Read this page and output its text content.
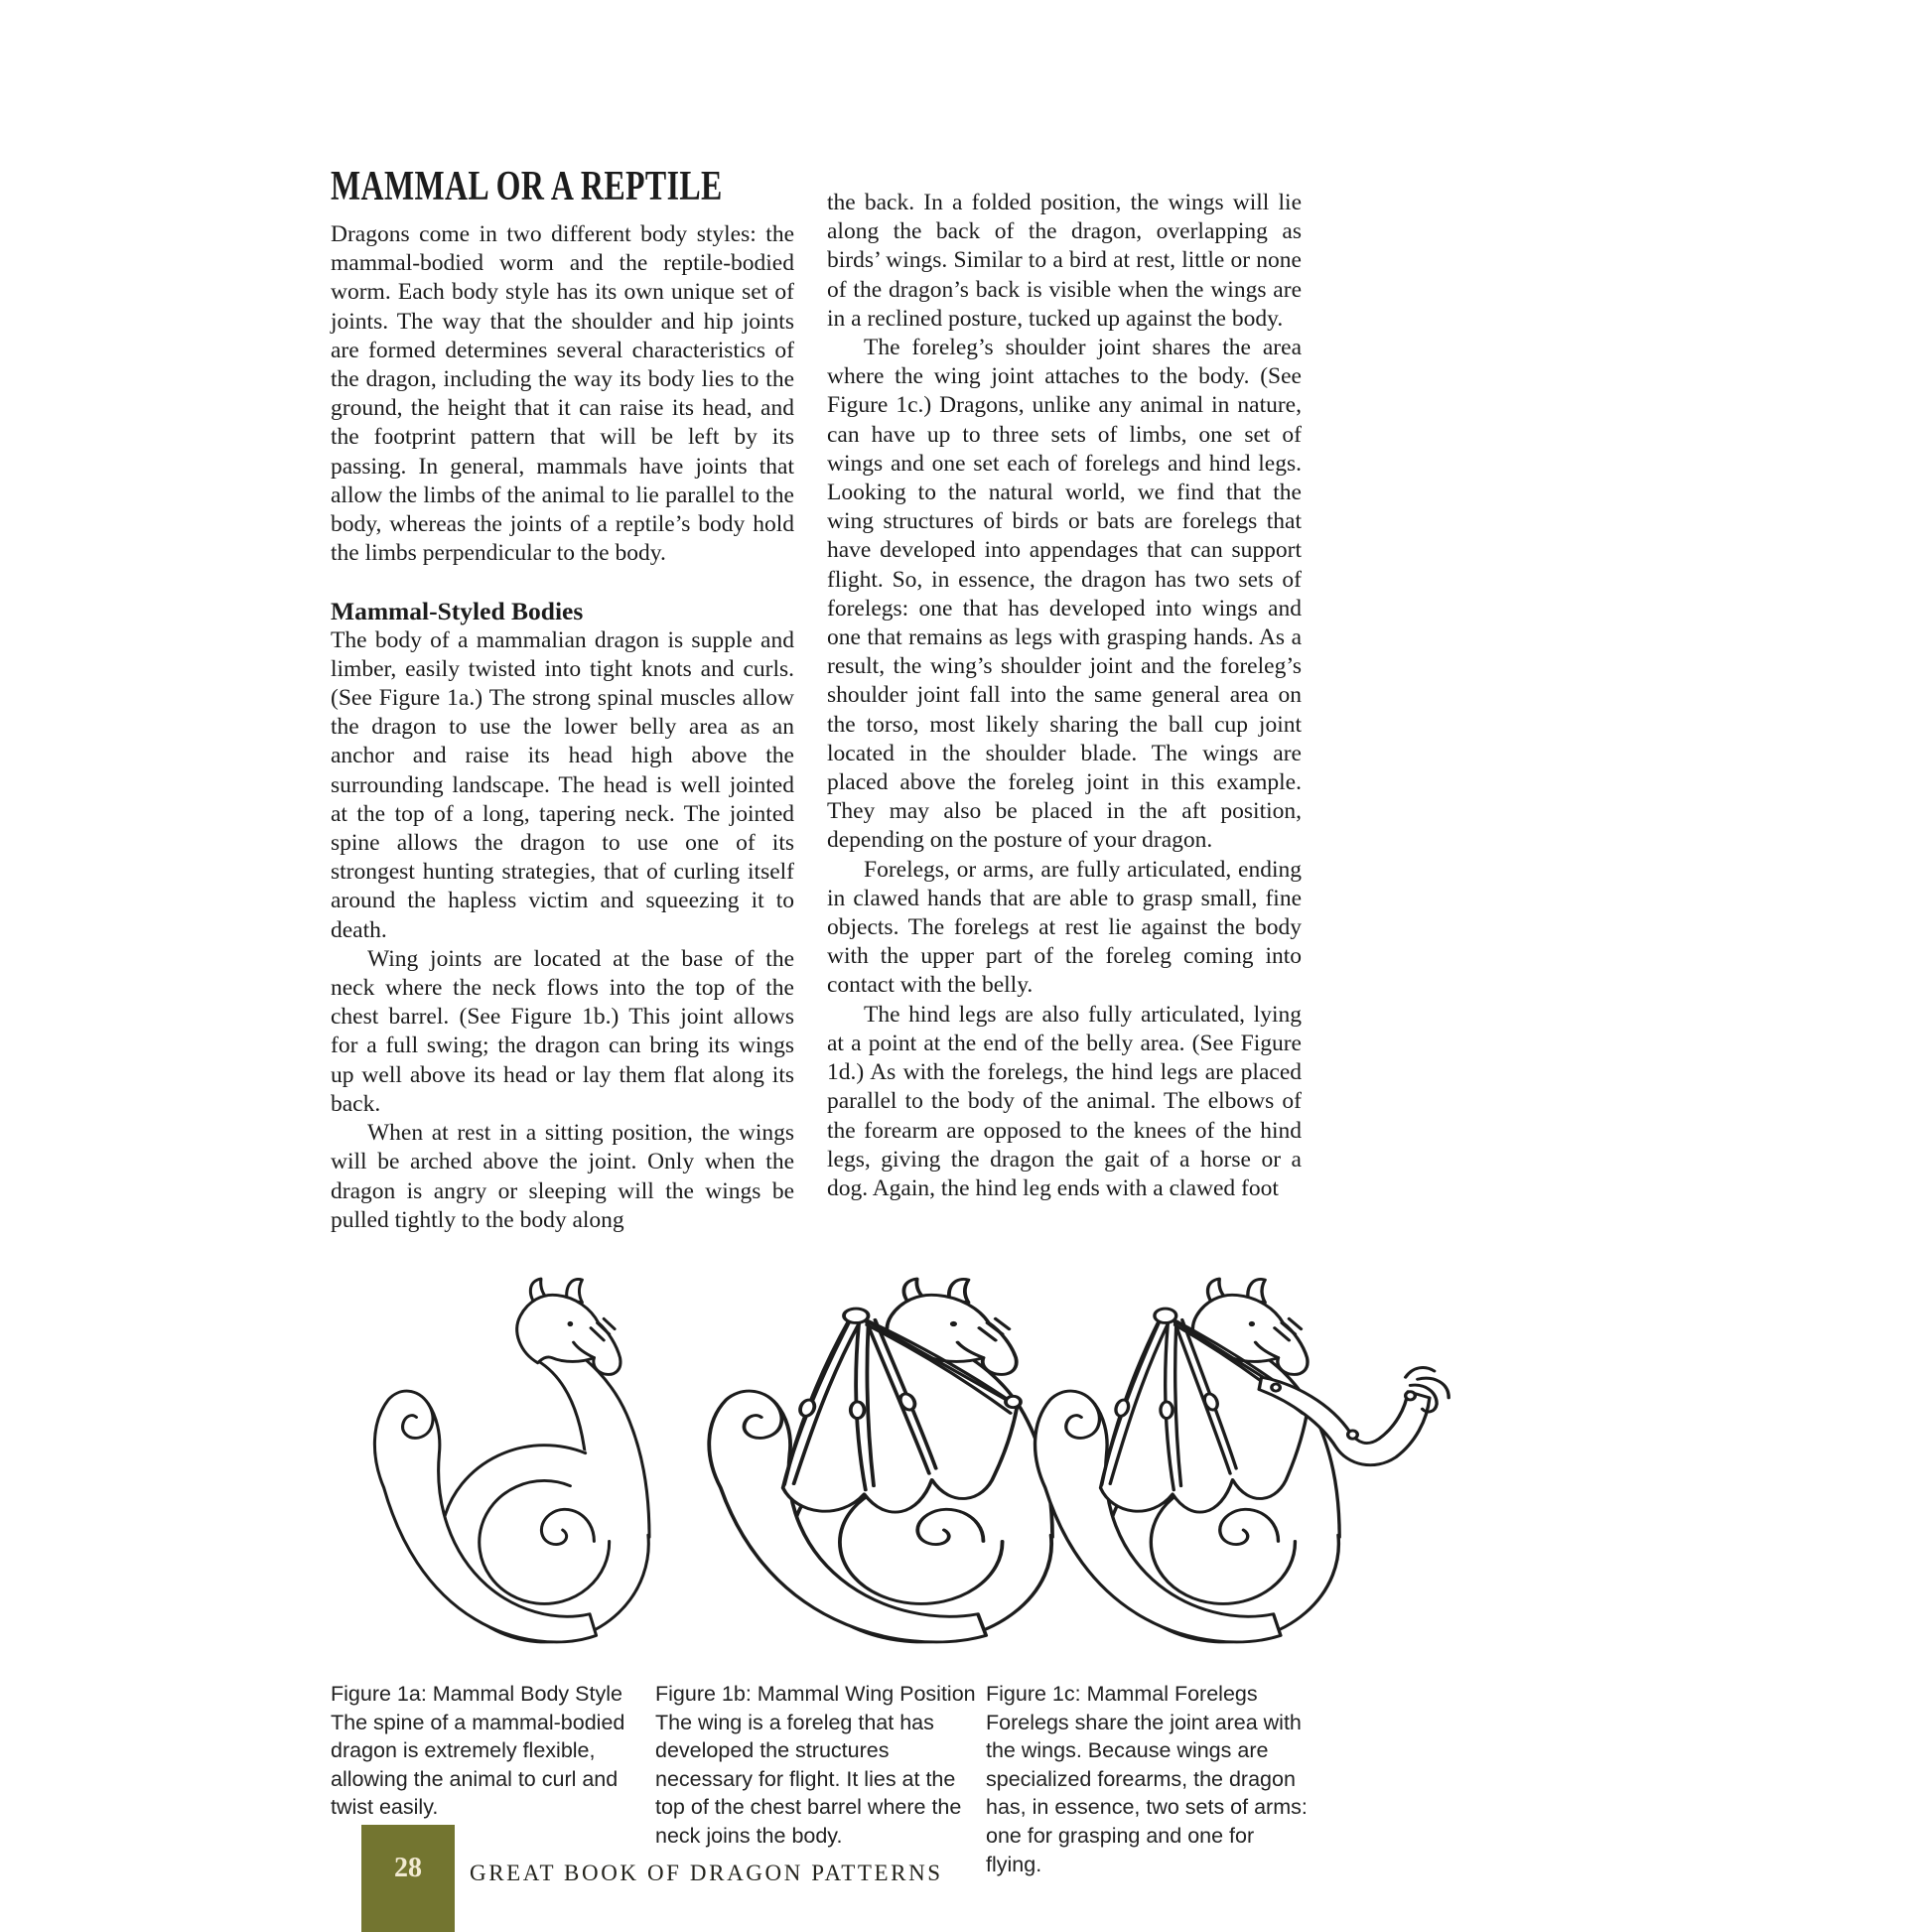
MAMMAL OR A REPTILE

Dragons come in two different body styles: the mammal-bodied worm and the reptile-bodied worm. Each body style has its own unique set of joints. The way that the shoulder and hip joints are formed determines several characteristics of the dragon, including the way its body lies to the ground, the height that it can raise its head, and the footprint pattern that will be left by its passing. In general, mammals have joints that allow the limbs of the animal to lie parallel to the body, whereas the joints of a reptile’s body hold the limbs perpendicular to the body.

Mammal-Styled Bodies

The body of a mammalian dragon is supple and limber, easily twisted into tight knots and curls. (See Figure 1a.) The strong spinal muscles allow the dragon to use the lower belly area as an anchor and raise its head high above the surrounding landscape. The head is well jointed at the top of a long, tapering neck. The jointed spine allows the dragon to use one of its strongest hunting strategies, that of curling itself around the hapless victim and squeezing it to death.

Wing joints are located at the base of the neck where the neck flows into the top of the chest barrel. (See Figure 1b.) This joint allows for a full swing; the dragon can bring its wings up well above its head or lay them flat along its back.

When at rest in a sitting position, the wings will be arched above the joint. Only when the dragon is angry or sleeping will the wings be pulled tightly to the body along

the back. In a folded position, the wings will lie along the back of the dragon, overlapping as birds’ wings. Similar to a bird at rest, little or none of the dragon’s back is visible when the wings are in a reclined posture, tucked up against the body.

The foreleg’s shoulder joint shares the area where the wing joint attaches to the body. (See Figure 1c.) Dragons, unlike any animal in nature, can have up to three sets of limbs, one set of wings and one set each of forelegs and hind legs. Looking to the natural world, we find that the wing structures of birds or bats are forelegs that have developed into appendages that can support flight. So, in essence, the dragon has two sets of forelegs: one that has developed into wings and one that remains as legs with grasping hands. As a result, the wing’s shoulder joint and the foreleg’s shoulder joint fall into the same general area on the torso, most likely sharing the ball cup joint located in the shoulder blade. The wings are placed above the foreleg joint in this example. They may also be placed in the aft position, depending on the posture of your dragon.

Forelegs, or arms, are fully articulated, ending in clawed hands that are able to grasp small, fine objects. The forelegs at rest lie against the body with the upper part of the foreleg coming into contact with the belly.

The hind legs are also fully articulated, lying at a point at the end of the belly area. (See Figure 1d.) As with the forelegs, the hind legs are placed parallel to the body of the animal. The elbows of the forearm are opposed to the knees of the hind legs, giving the dragon the gait of a horse or a dog. Again, the hind leg ends with a clawed foot

Figure 1a: Mammal Body Style

The spine of a mammal-bodied dragon is extremely flexible, allowing the animal to curl and twist easily.

Figure 1b: Mammal Wing Position

The wing is a foreleg that has developed the structures necessary for flight. It lies at the top of the chest barrel where the neck joins the body.

Figure 1c: Mammal Forelegs

Forelegs share the joint area with the wings. Because wings are specialized forearms, the dragon has, in essence, two sets of arms: one for grasping and one for flying.

28	GREAT BOOK OF DRAGON PATTERNS
